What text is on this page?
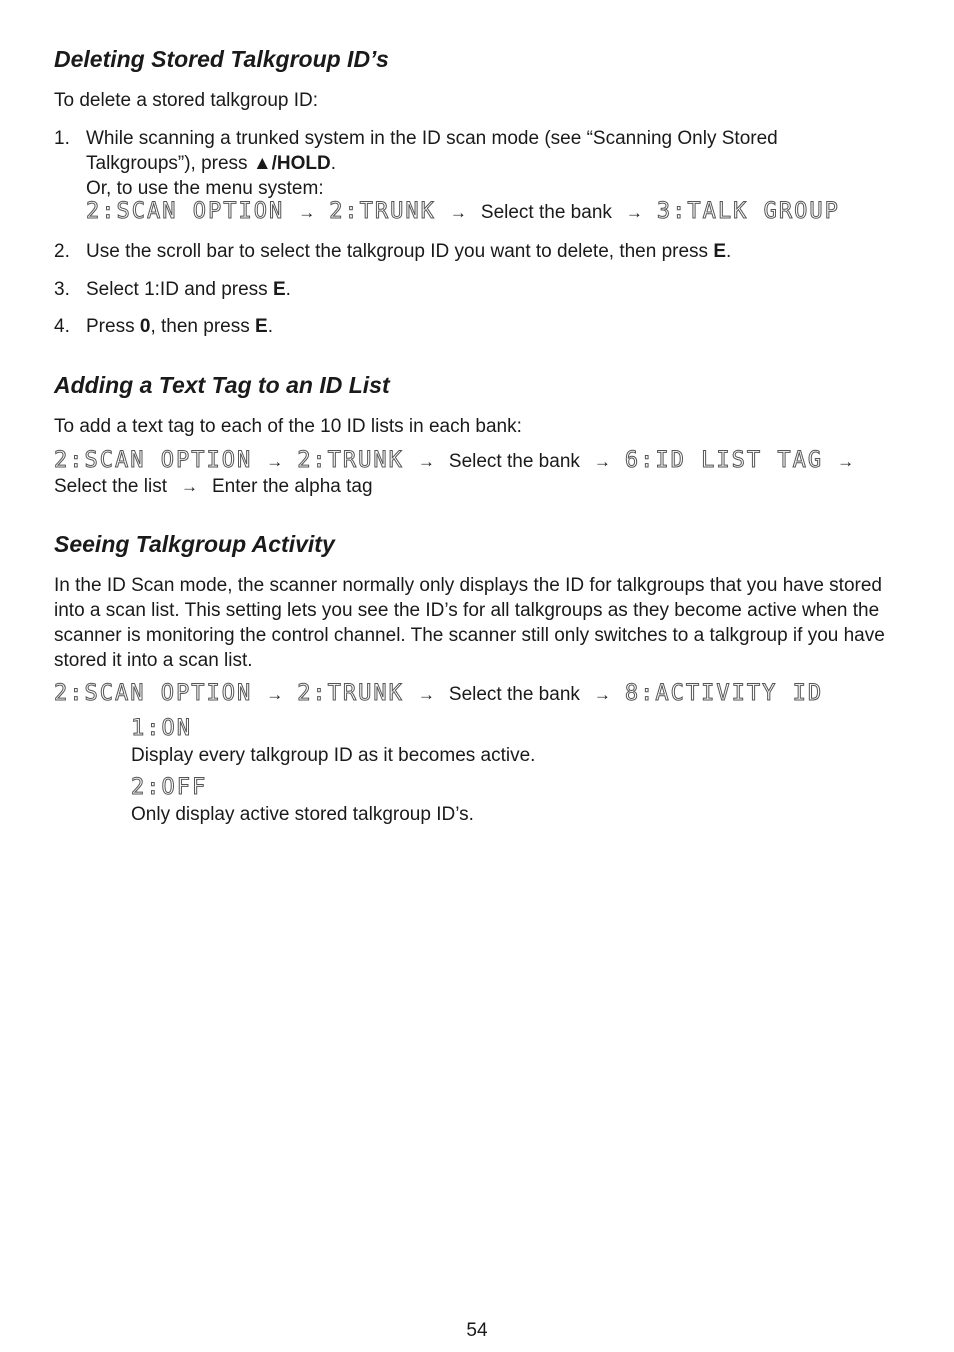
Deleting Stored Talkgroup ID’s

To delete a stored talkgroup ID:

1. While scanning a trunked system in the ID scan mode (see “Scanning Only Stored
Talkgroups”), press ▲/HOLD.
Or, to use the menu system:
2:SCAN OPTION → 2:TRUNK → Select the bank → 3:TALK GROUP
2. Use the scroll bar to select the talkgroup ID you want to delete, then press E.
3. Select 1:ID and press E.
4. Press 0, then press E.
Adding a Text Tag to an ID List

To add a text tag to each of the 10 ID lists in each bank:

2:SCAN OPTION → 2:TRUNK → Select the bank → 6:ID LIST TAG →
Select the list → Enter the alpha tag
Seeing Talkgroup Activity

In the ID Scan mode, the scanner normally only displays the ID for talkgroups that you have stored into a scan list. This setting lets you see the ID’s for all talkgroups as they become active when the scanner is monitoring the control channel. The scanner still only switches to a talkgroup if you have stored it into a scan list.

2:SCAN OPTION → 2:TRUNK → Select the bank → 8:ACTIVITY ID
1:ON
Display every talkgroup ID as it becomes active.
2:OFF
Only display active stored talkgroup ID’s.
54
